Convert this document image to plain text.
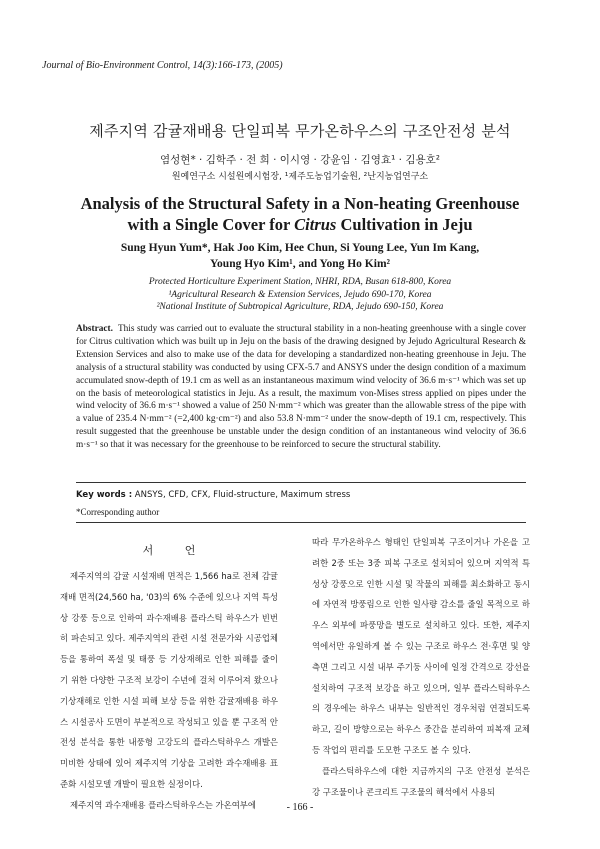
Journal of Bio-Environment Control, 14(3):166-173, (2005)
제주지역 감귤재배용 단일피복 무가온하우스의 구조안전성 분석
염성현* · 김학주 · 전 희 · 이시영 · 강윤임 · 김영효¹ · 김용호²
원예연구소 시설원예시험장, ¹제주도농업기술원, ²난지농업연구소
Analysis of the Structural Safety in a Non-heating Greenhouse
with a Single Cover for Citrus Cultivation in Jeju
Sung Hyun Yum*, Hak Joo Kim, Hee Chun, Si Young Lee, Yun Im Kang,
Young Hyo Kim¹, and Yong Ho Kim²
Protected Horticulture Experiment Station, NHRI, RDA, Busan 618-800, Korea
¹Agricultural Research & Extension Services, Jejudo 690-170, Korea
²National Institute of Subtropical Agriculture, RDA, Jejudo 690-150, Korea
Abstract. This study was carried out to evaluate the structural stability in a non-heating greenhouse with a single cover for Citrus cultivation which was built up in Jeju on the basis of the drawing designed by Jejudo Agricultural Research & Extension Services and also to make use of the data for developing a standardized non-heating greenhouse in Jeju. The analysis of a structural stability was conducted by using CFX-5.7 and ANSYS under the design condition of a maximum accumulated snow-depth of 19.1 cm as well as an instantaneous maximum wind velocity of 36.6 m·s⁻¹ which was set up on the basis of meteorological statistics in Jeju. As a result, the maximum von-Mises stress applied on pipes under the wind velocity of 36.6 m·s⁻¹ showed a value of 250 N·mm⁻² which was greater than the allowable stress of the pipe with a value of 235.4 N·mm⁻² (=2,400 kg·cm⁻²) and also 53.8 N·mm⁻² under the snow-depth of 19.1 cm, respectively. This result suggested that the greenhouse be unstable under the design condition of an instantaneous wind velocity of 36.6 m·s⁻¹ so that it was necessary for the greenhouse to be reinforced to secure the structural stability.
Key words : ANSYS, CFD, CFX, Fluid-structure, Maximum stress
*Corresponding author
서 언

제주지역의 감귤 시설재배 면적은 1,566 ha로 전체 감귤재배 면적(24,560 ha, '03)의 6% 수준에 있으나 지역 특성상 강풍 등으로 인하여 과수재배용 플라스틱 하우스가 빈번히 파손되고 있다. 제주지역의 관련 시설 전문가와 시공업체 등을 통하여 폭설 및 태풍 등 기상재해로 인한 피해를 줄이기 위한 다양한 구조적 보강이 수년에 걸처 이루어져 왔으나 기상재해로 인한 시설 피해 보상 등을 위한 감귤재배용 하우스 시설공사 도면이 부분적으로 작성되고 있을 뿐 구조적 안전성 분석을 통한 내풍형 고강도의 플라스틱하우스 개발은 미비한 상태에 있어 제주지역 기상을 고려한 과수재배용 표준화 시설모델 개발이 필요한 실정이다.

제주지역 과수재배용 플라스틱하우스는 가온여부에

따라 무가온하우스 형태인 단일피복 구조이거나 가온을 고려한 2중 또는 3중 피복 구조로 설치되어 있으며 지역적 특성상 강풍으로 인한 시설 및 작물의 피해를 최소화하고 동시에 자연적 방풍림으로 인한 일사량 감소를 줄일 목적으로 하우스 외부에 파풍망을 별도로 설치하고 있다. 또한, 제주지역에서만 유일하게 볼 수 있는 구조로 하우스 전·후면 및 양 측면 그리고 시설 내부 주기둥 사이에 일정 간격으로 강선을 설치하여 구조적 보강을 하고 있으며, 일부 플라스틱하우스의 경우에는 하우스 내부는 일반적인 경우처럼 연결되도록 하고, 길이 방향으로는 하우스 중간을 분리하여 피복재 교체 등 작업의 편리를 도모한 구조도 볼 수 있다.

플라스틱하우스에 대한 지금까지의 구조 안전성 분석은 강 구조물이나 콘크리트 구조물의 해석에서 사용되

- 166 -
